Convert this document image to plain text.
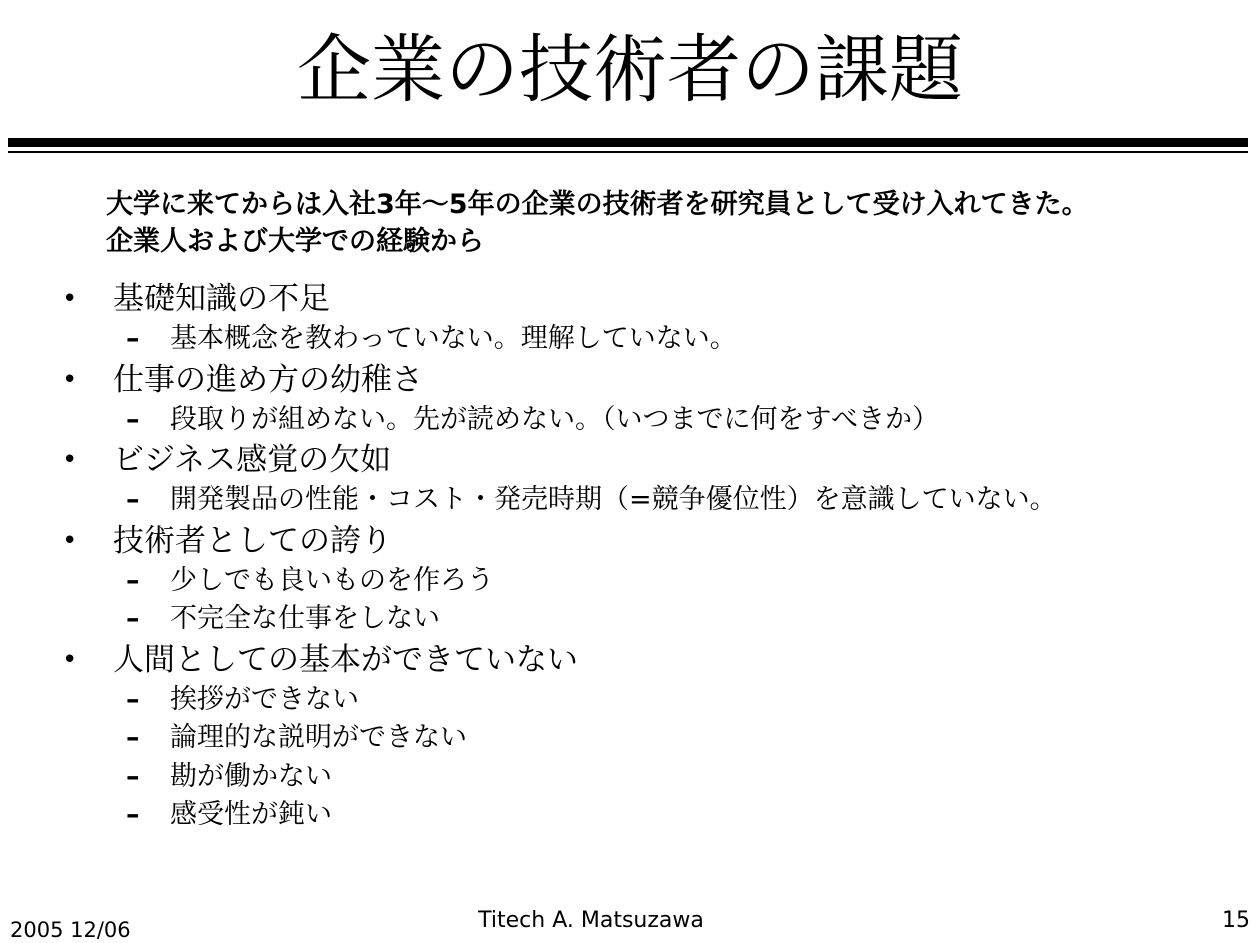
企業の技術者の課題
大学に来てからは入社3年～5年の企業の技術者を研究員として受け入れてきた。
企業人および大学での経験から
• 基礎知識の不足
– 基本概念を教わっていない。理解していない。
• 仕事の進め方の幼稚さ
– 段取りが組めない。先が読めない。（いつまでに何をすべきか）
• ビジネス感覚の欠如
– 開発製品の性能・コスト・発売時期（=競争優位性）を意識していない。
• 技術者としての誇り
– 少しでも良いものを作ろう
– 不完全な仕事をしない
• 人間としての基本ができていない
– 挨拶ができない
– 論理的な説明ができない
– 勘が働かない
– 感受性が鈍い
2005 12/06	Titech A. Matsuzawa	15
